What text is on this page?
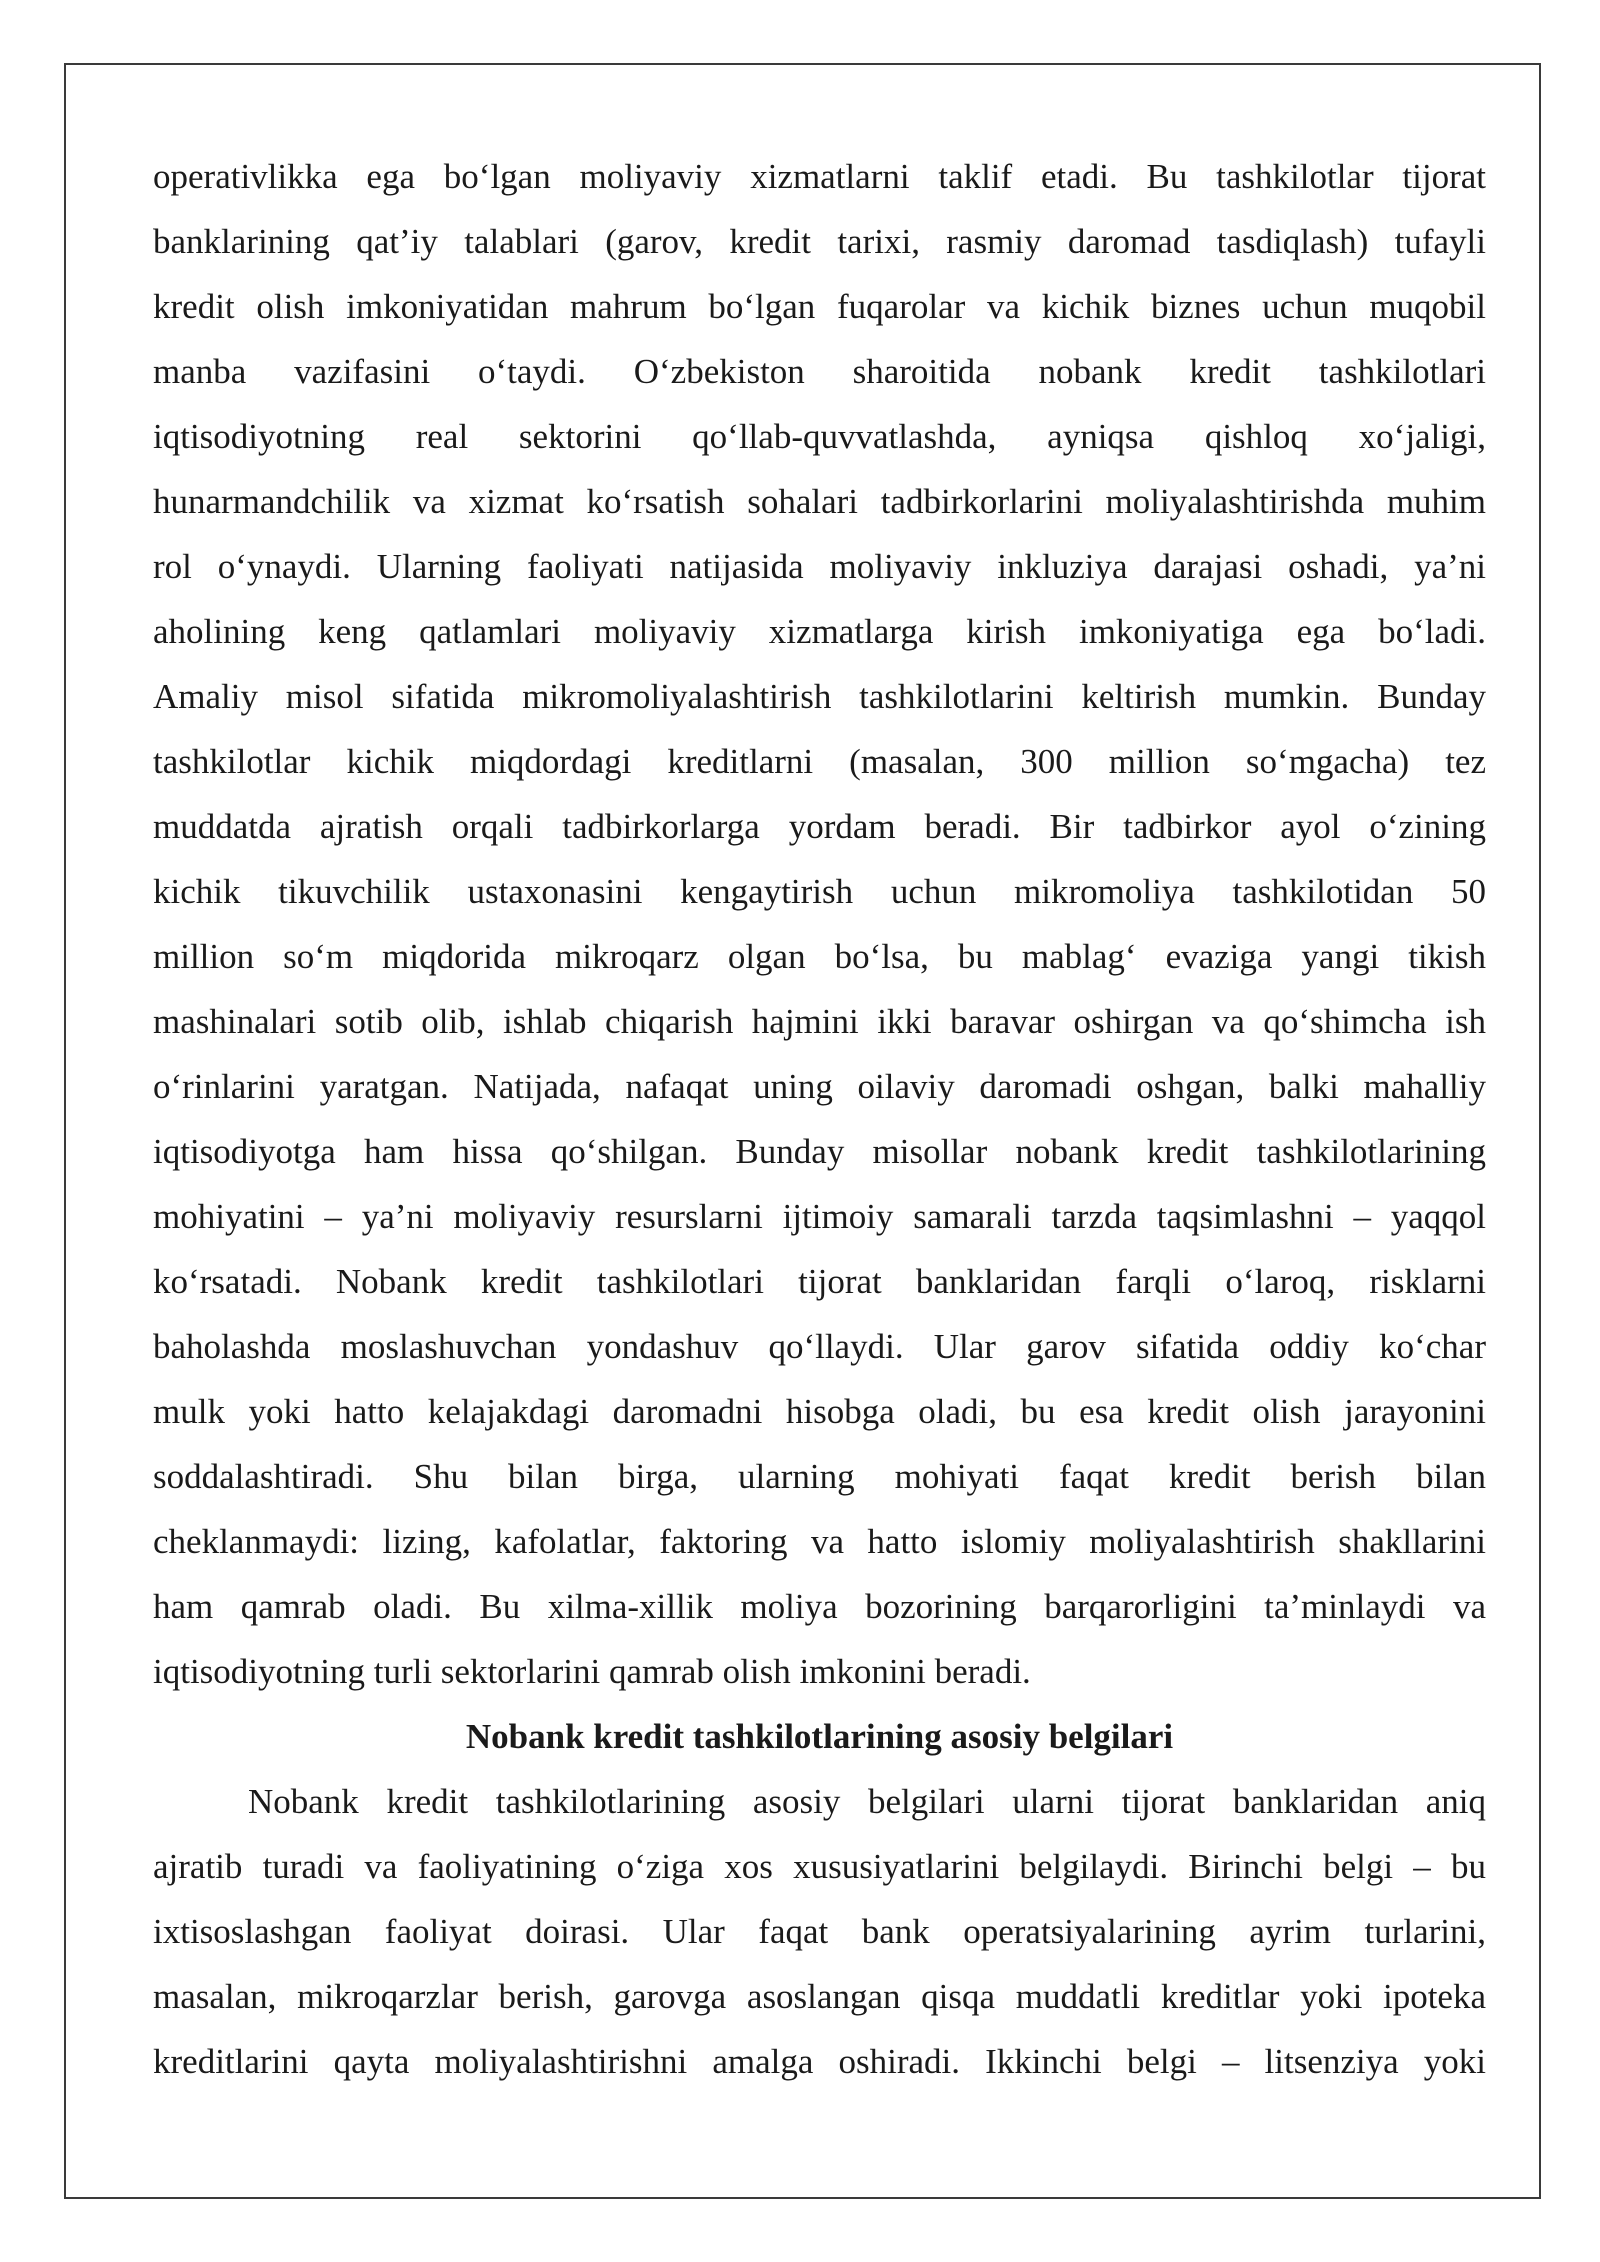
operativlikka ega bo‘lgan moliyaviy xizmatlarni taklif etadi. Bu tashkilotlar tijorat
banklarining qat’iy talablari (garov, kredit tarixi, rasmiy daromad tasdiqlash) tufayli
kredit olish imkoniyatidan mahrum bo‘lgan fuqarolar va kichik biznes uchun muqobil
manba vazifasini o‘taydi. O‘zbekiston sharoitida nobank kredit tashkilotlari
iqtisodiyotning real sektorini qo‘llab-quvvatlashda, ayniqsa qishloq xo‘jaligi,
hunarmandchilik va xizmat ko‘rsatish sohalari tadbirkorlarini moliyalashtirishda muhim
rol o‘ynaydi. Ularning faoliyati natijasida moliyaviy inkluziya darajasi oshadi, ya’ni
aholining keng qatlamlari moliyaviy xizmatlarga kirish imkoniyatiga ega bo‘ladi.
Amaliy misol sifatida mikromoliyalashtirish tashkilotlarini keltirish mumkin. Bunday
tashkilotlar kichik miqdordagi kreditlarni (masalan, 300 million so‘mgacha) tez
muddatda ajratish orqali tadbirkorlarga yordam beradi. Bir tadbirkor ayol o‘zining
kichik tikuvchilik ustaxonasini kengaytirish uchun mikromoliya tashkilotidan 50
million so‘m miqdorida mikroqarz olgan bo‘lsa, bu mablag‘ evaziga yangi tikish
mashinalari sotib olib, ishlab chiqarish hajmini ikki baravar oshirgan va qo‘shimcha ish
o‘rinlarini yaratgan. Natijada, nafaqat uning oilaviy daromadi oshgan, balki mahalliy
iqtisodiyotga ham hissa qo‘shilgan. Bunday misollar nobank kredit tashkilotlarining
mohiyatini – ya’ni moliyaviy resurslarni ijtimoiy samarali tarzda taqsimlashni – yaqqol
ko‘rsatadi. Nobank kredit tashkilotlari tijorat banklaridan farqli o‘laroq, risklarni
baholashda moslashuvchan yondashuv qo‘llaydi. Ular garov sifatida oddiy ko‘char
mulk yoki hatto kelajakdagi daromadni hisobga oladi, bu esa kredit olish jarayonini
soddalashtiradi. Shu bilan birga, ularning mohiyati faqat kredit berish bilan
cheklanmaydi: lizing, kafolatlar, faktoring va hatto islomiy moliyalashtirish shakllarini
ham qamrab oladi. Bu xilma-xillik moliya bozorining barqarorligini ta’minlaydi va
iqtisodiyotning turli sektorlarini qamrab olish imkonini beradi.
Nobank kredit tashkilotlarining asosiy belgilari
Nobank kredit tashkilotlarining asosiy belgilari ularni tijorat banklaridan aniq
ajratib turadi va faoliyatining o‘ziga xos xususiyatlarini belgilaydi. Birinchi belgi – bu
ixtisoslashgan faoliyat doirasi. Ular faqat bank operatsiyalarining ayrim turlarini,
masalan, mikroqarzlar berish, garovga asoslangan qisqa muddatli kreditlar yoki ipoteka
kreditlarini qayta moliyalashtirishni amalga oshiradi. Ikkinchi belgi – litsenziya yoki
